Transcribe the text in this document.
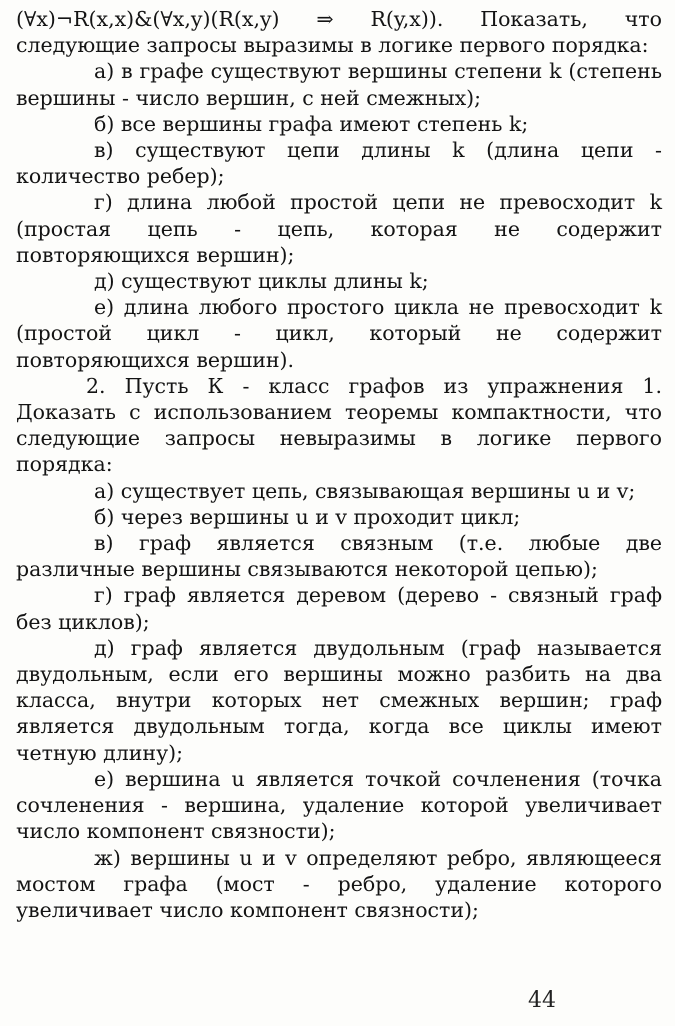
(∀x)¬R(x,x)&(∀x,y)(R(x,y) ⇒ R(y,x)). Показать, что следующие запросы выразимы в логике первого порядка:

а) в графе существуют вершины степени k (степень вершины - число вершин, с ней смежных);

б) все вершины графа имеют степень k;

в) существуют цепи длины k (длина цепи - количество ребер);

г) длина любой простой цепи не превосходит k (простая цепь - цепь, которая не содержит повторяющихся вершин);

д) существуют циклы длины k;

е) длина любого простого цикла не превосходит k (простой цикл - цикл, который не содержит повторяющихся вершин).

2. Пусть К - класс графов из упражнения 1. Доказать с использованием теоремы компактности, что следующие запросы невыразимы в логике первого порядка:

а) существует цепь, связывающая вершины u и v;

б) через вершины u и v проходит цикл;

в) граф является связным (т.е. любые две различные вершины связываются некоторой цепью);

г) граф является деревом (дерево - связный граф без циклов);

д) граф является двудольным (граф называется двудольным, если его вершины можно разбить на два класса, внутри которых нет смежных вершин; граф является двудольным тогда, когда все циклы имеют четную длину);

е) вершина u является точкой сочленения (точка сочленения - вершина, удаление которой увеличивает число компонент связности);

ж) вершины u и v определяют ребро, являющееся мостом графа (мост - ребро, удаление которого увеличивает число компонент связности);

44
